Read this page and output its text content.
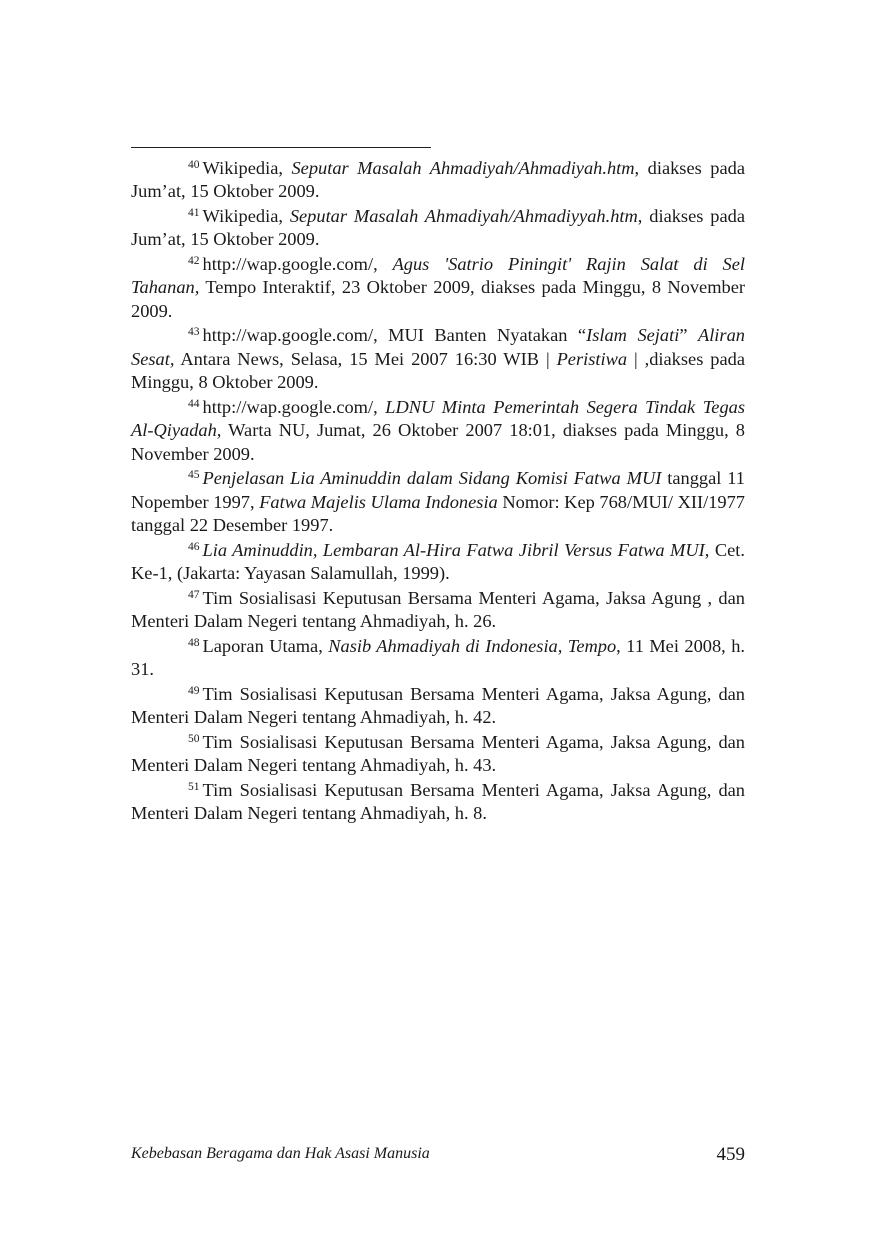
$^{40}$ Wikipedia, Seputar Masalah Ahmadiyah/Ahmadiyah.htm, diakses pada Jum’at, 15 Oktober 2009.

$^{41}$ Wikipedia, Seputar Masalah Ahmadiyah/Ahmadiyyah.htm, diakses pada Jum’at, 15 Oktober 2009.

$^{42}$ http://wap.google.com/, Agus 'Satrio Piningit' Rajin Salat di Sel Tahanan, Tempo Interaktif, 23 Oktober 2009, diakses pada Minggu, 8 November 2009.

$^{43}$ http://wap.google.com/, MUI Banten Nyatakan “Islam Sejati” Aliran Sesat, Antara News, Selasa, 15 Mei 2007 16:30 WIB | Peristiwa | ,diakses pada Minggu, 8 Oktober 2009.

$^{44}$ http://wap.google.com/, LDNU Minta Pemerintah Segera Tindak Tegas Al-Qiyadah, Warta NU, Jumat, 26 Oktober 2007 18:01, diakses pada Minggu, 8 November 2009.

$^{45}$ Penjelasan Lia Aminuddin dalam Sidang Komisi Fatwa MUI tanggal 11 Nopember 1997, Fatwa Majelis Ulama Indonesia Nomor: Kep 768/MUI/ XII/1977 tanggal 22 Desember 1997.

$^{46}$ Lia Aminuddin, Lembaran Al-Hira Fatwa Jibril Versus Fatwa MUI, Cet. Ke-1, (Jakarta: Yayasan Salamullah, 1999).

$^{47}$ Tim Sosialisasi Keputusan Bersama Menteri Agama, Jaksa Agung , dan Menteri Dalam Negeri tentang Ahmadiyah, h. 26.

$^{48}$ Laporan Utama, Nasib Ahmadiyah di Indonesia, Tempo, 11 Mei 2008, h. 31.

$^{49}$ Tim Sosialisasi Keputusan Bersama Menteri Agama, Jaksa Agung, dan Menteri Dalam Negeri tentang Ahmadiyah, h. 42.

$^{50}$ Tim Sosialisasi Keputusan Bersama Menteri Agama, Jaksa Agung, dan Menteri Dalam Negeri tentang Ahmadiyah, h. 43.

$^{51}$ Tim Sosialisasi Keputusan Bersama Menteri Agama, Jaksa Agung, dan Menteri Dalam Negeri tentang Ahmadiyah, h. 8.

Kebebasan Beragama dan Hak Asasi Manusia	459
